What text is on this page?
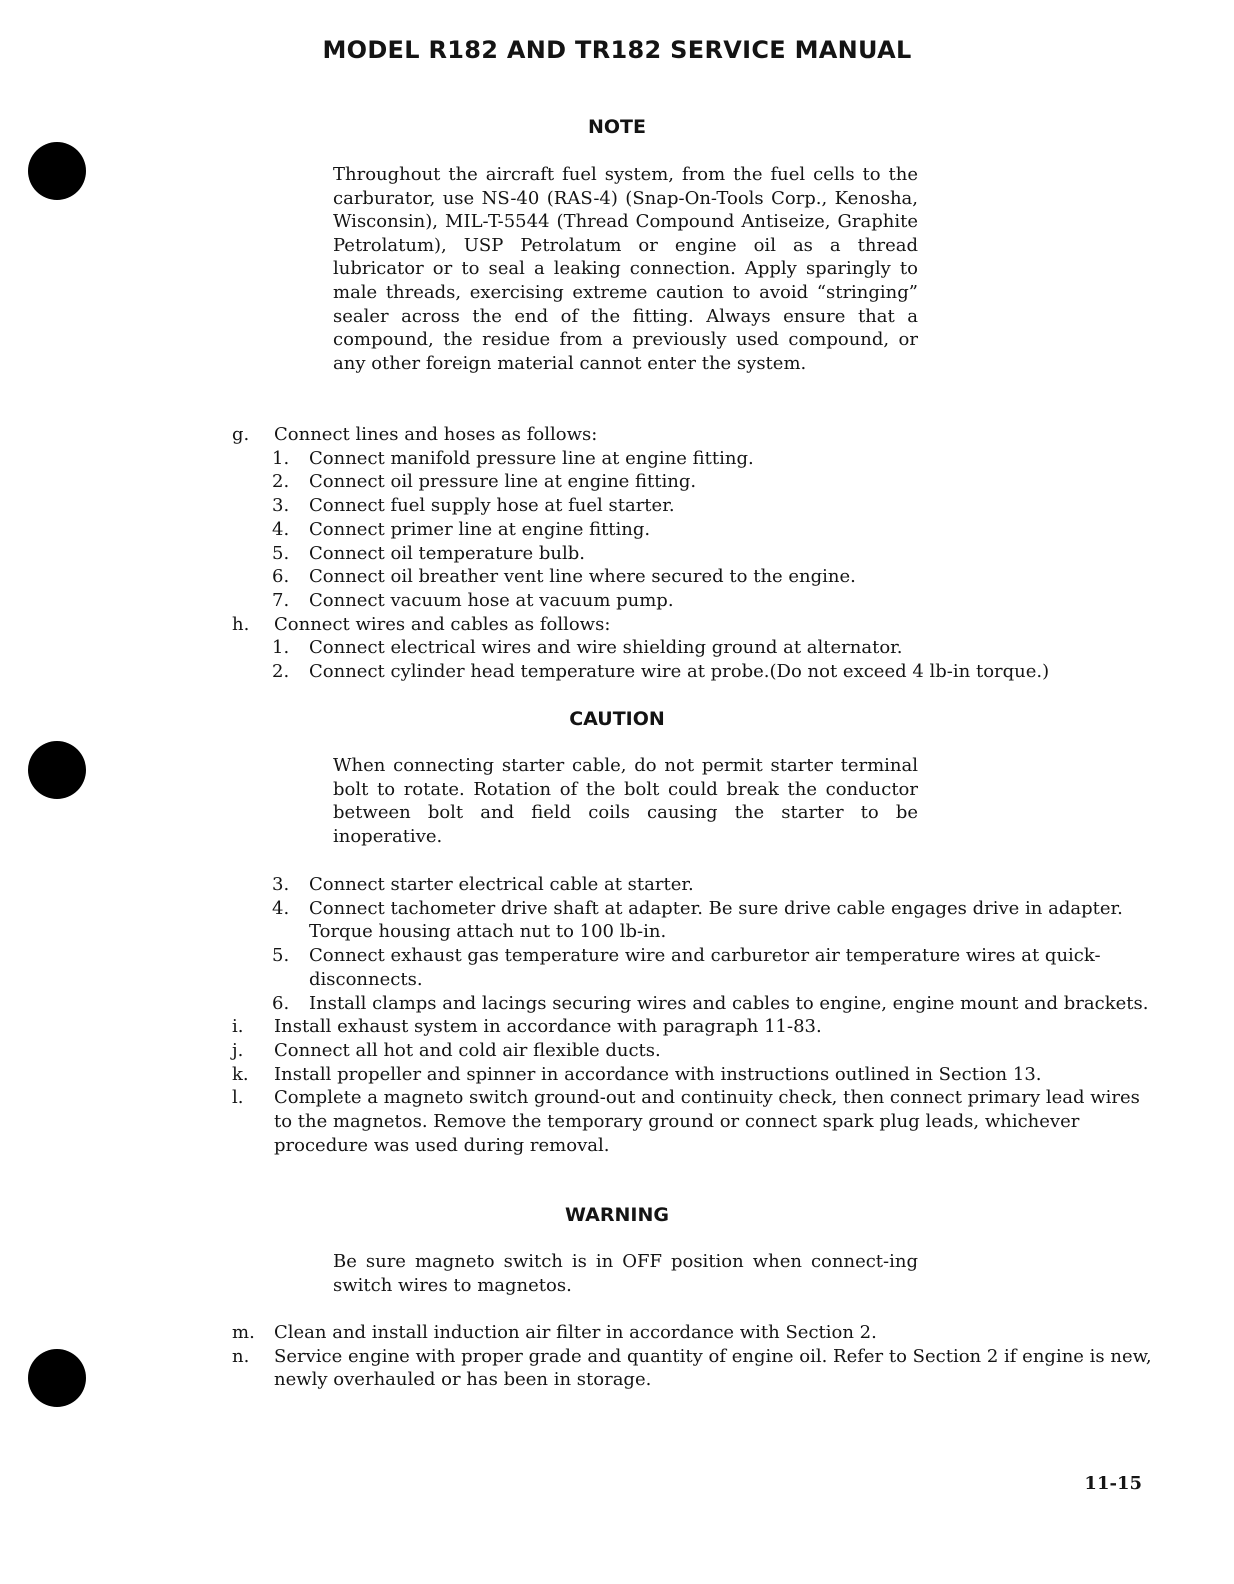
MODEL R182 AND TR182 SERVICE MANUAL
NOTE
Throughout the aircraft fuel system, from the fuel cells to the carburator, use NS-40 (RAS-4) (Snap-On-Tools Corp., Kenosha, Wisconsin), MIL-T-5544 (Thread Compound Antiseize, Graphite Petrolatum), USP Petrolatum or engine oil as a thread lubricator or to seal a leaking connection. Apply sparingly to male threads, exercising extreme caution to avoid “stringing” sealer across the end of the fitting. Always ensure that a compound, the residue from a previously used compound, or any other foreign material cannot enter the system.
g.	Connect lines and hoses as follows:
1.	Connect manifold pressure line at engine fitting.
2.	Connect oil pressure line at engine fitting.
3.	Connect fuel supply hose at fuel starter.
4.	Connect primer line at engine fitting.
5.	Connect oil temperature bulb.
6.	Connect oil breather vent line where secured to the engine.
7.	Connect vacuum hose at vacuum pump.
h.	Connect wires and cables as follows:
1.	Connect electrical wires and wire shielding ground at alternator.
2.	Connect cylinder head temperature wire at probe.(Do not exceed 4 lb-in torque.)
CAUTION
When connecting starter cable, do not permit starter terminal bolt to rotate. Rotation of the bolt could break the conductor between bolt and field coils causing the starter to be inoperative.
3.	Connect starter electrical cable at starter.
4.	Connect tachometer drive shaft at adapter. Be sure drive cable engages drive in adapter. Torque housing attach nut to 100 lb-in.
5.	Connect exhaust gas temperature wire and carburetor air temperature wires at quick-disconnects.
6.	Install clamps and lacings securing wires and cables to engine, engine mount and brackets.
i.	Install exhaust system in accordance with paragraph 11-83.
j.	Connect all hot and cold air flexible ducts.
k.	Install propeller and spinner in accordance with instructions outlined in Section 13.
l.	Complete a magneto switch ground-out and continuity check, then connect primary lead wires to the magnetos. Remove the temporary ground or connect spark plug leads, whichever procedure was used during removal.
WARNING
Be sure magneto switch is in OFF position when connect-ing switch wires to magnetos.
m.	Clean and install induction air filter in accordance with Section 2.
n.	Service engine with proper grade and quantity of engine oil. Refer to Section 2 if engine is new, newly overhauled or has been in storage.
11-15
